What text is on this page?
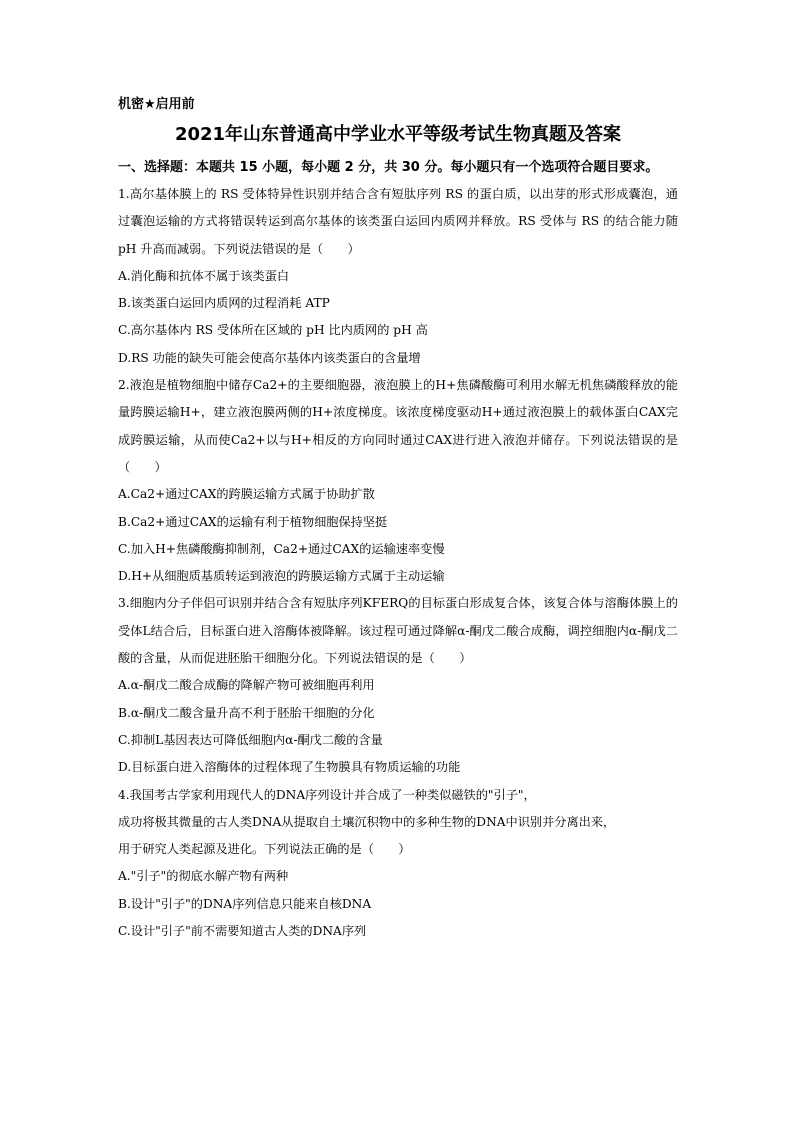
机密★启用前
2021年山东普通高中学业水平等级考试生物真题及答案
一、选择题：本题共 15 小题，每小题 2 分，共 30 分。每小题只有一个选项符合题目要求。
1.高尔基体膜上的 RS 受体特异性识别并结合含有短肽序列 RS 的蛋白质，以出芽的形式形成囊泡，通过囊泡运输的方式将错误转运到高尔基体的该类蛋白运回内质网并释放。RS 受体与 RS 的结合能力随 pH 升高而减弱。下列说法错误的是（　　）
A.消化酶和抗体不属于该类蛋白
B.该类蛋白运回内质网的过程消耗 ATP
C.高尔基体内 RS 受体所在区域的 pH 比内质网的 pH 高
D.RS 功能的缺失可能会使高尔基体内该类蛋白的含量增
2.液泡是植物细胞中储存Ca2+的主要细胞器，液泡膜上的H+焦磷酸酶可利用水解无机焦磷酸释放的能量跨膜运输H+，建立液泡膜两侧的H+浓度梯度。该浓度梯度驱动H+通过液泡膜上的载体蛋白CAX完成跨膜运输，从而使Ca2+以与H+相反的方向同时通过CAX进行进入液泡并储存。下列说法错误的是（　　）
A.Ca2+通过CAX的跨膜运输方式属于协助扩散
B.Ca2+通过CAX的运输有利于植物细胞保持坚挺
C.加入H+焦磷酸酶抑制剂，Ca2+通过CAX的运输速率变慢
D.H+从细胞质基质转运到液泡的跨膜运输方式属于主动运输
3.细胞内分子伴侣可识别并结合含有短肽序列KFERQ的目标蛋白形成复合体，该复合体与溶酶体膜上的受体L结合后，目标蛋白进入溶酶体被降解。该过程可通过降解α-酮戊二酸合成酶，调控细胞内α-酮戊二酸的含量，从而促进胚胎干细胞分化。下列说法错误的是（　　）
A.α-酮戊二酸合成酶的降解产物可被细胞再利用
B.α-酮戊二酸含量升高不利于胚胎干细胞的分化
C.抑制L基因表达可降低细胞内α-酮戊二酸的含量
D.目标蛋白进入溶酶体的过程体现了生物膜具有物质运输的功能
4.我国考古学家利用现代人的DNA序列设计并合成了一种类似磁铁的"引子"，
成功将极其微量的古人类DNA从提取自土壤沉积物中的多种生物的DNA中识别并分离出来，
用于研究人类起源及进化。下列说法正确的是（　　）
A."引子"的彻底水解产物有两种
B.设计"引子"的DNA序列信息只能来自核DNA
C.设计"引子"前不需要知道古人类的DNA序列
